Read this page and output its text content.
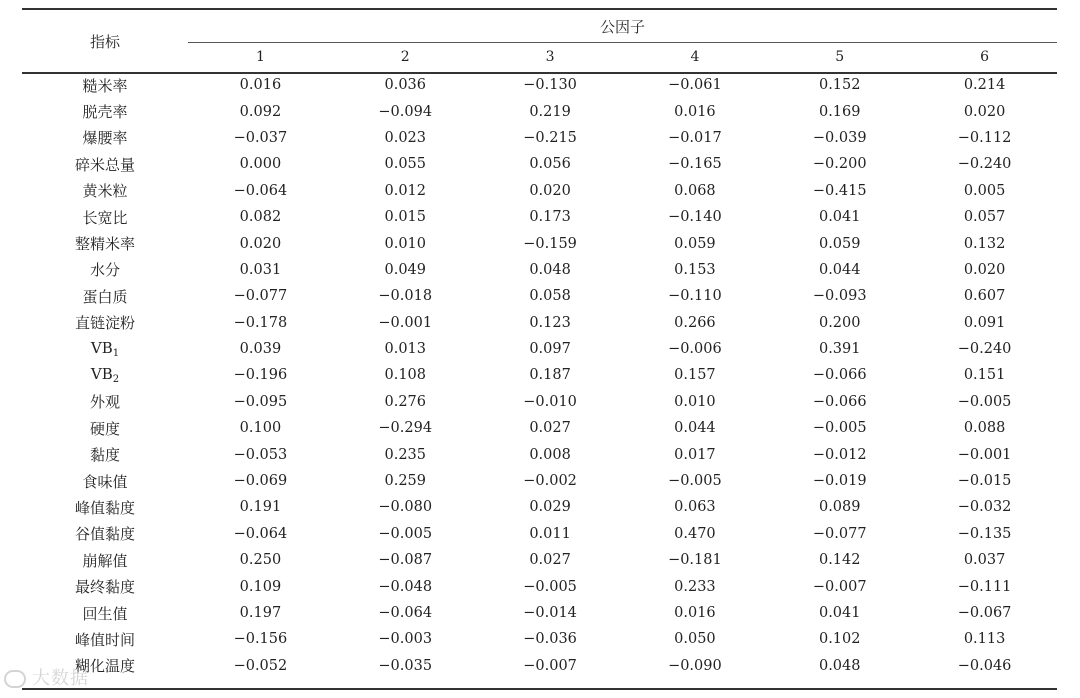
指标	公因子					
	1	2	3	4	5	6
糙米率	0.016	0.036	−0.130	−0.061	0.152	0.214
脱壳率	0.092	−0.094	0.219	0.016	0.169	0.020
爆腰率	−0.037	0.023	−0.215	−0.017	−0.039	−0.112
碎米总量	0.000	0.055	0.056	−0.165	−0.200	−0.240
黄米粒	−0.064	0.012	0.020	0.068	−0.415	0.005
长宽比	0.082	0.015	0.173	−0.140	0.041	0.057
整精米率	0.020	0.010	−0.159	0.059	0.059	0.132
水分	0.031	0.049	0.048	0.153	0.044	0.020
蛋白质	−0.077	−0.018	0.058	−0.110	−0.093	0.607
直链淀粉	−0.178	−0.001	0.123	0.266	0.200	0.091
$VB_1$	0.039	0.013	0.097	−0.006	0.391	−0.240
$VB_2$	−0.196	0.108	0.187	0.157	−0.066	0.151
外观	−0.095	0.276	−0.010	0.010	−0.066	−0.005
硬度	0.100	−0.294	0.027	0.044	−0.005	0.088
黏度	−0.053	0.235	0.008	0.017	−0.012	−0.001
食味值	−0.069	0.259	−0.002	−0.005	−0.019	−0.015
峰值黏度	0.191	−0.080	0.029	0.063	0.089	−0.032
谷值黏度	−0.064	−0.005	0.011	0.470	−0.077	−0.135
崩解值	0.250	−0.087	0.027	−0.181	0.142	0.037
最终黏度	0.109	−0.048	−0.005	0.233	−0.007	−0.111
回生值	0.197	−0.064	−0.014	0.016	0.041	−0.067
峰值时间	−0.156	−0.003	−0.036	0.050	0.102	0.113
糊化温度	−0.052	−0.035	−0.007	−0.090	0.048	−0.046
大数据
